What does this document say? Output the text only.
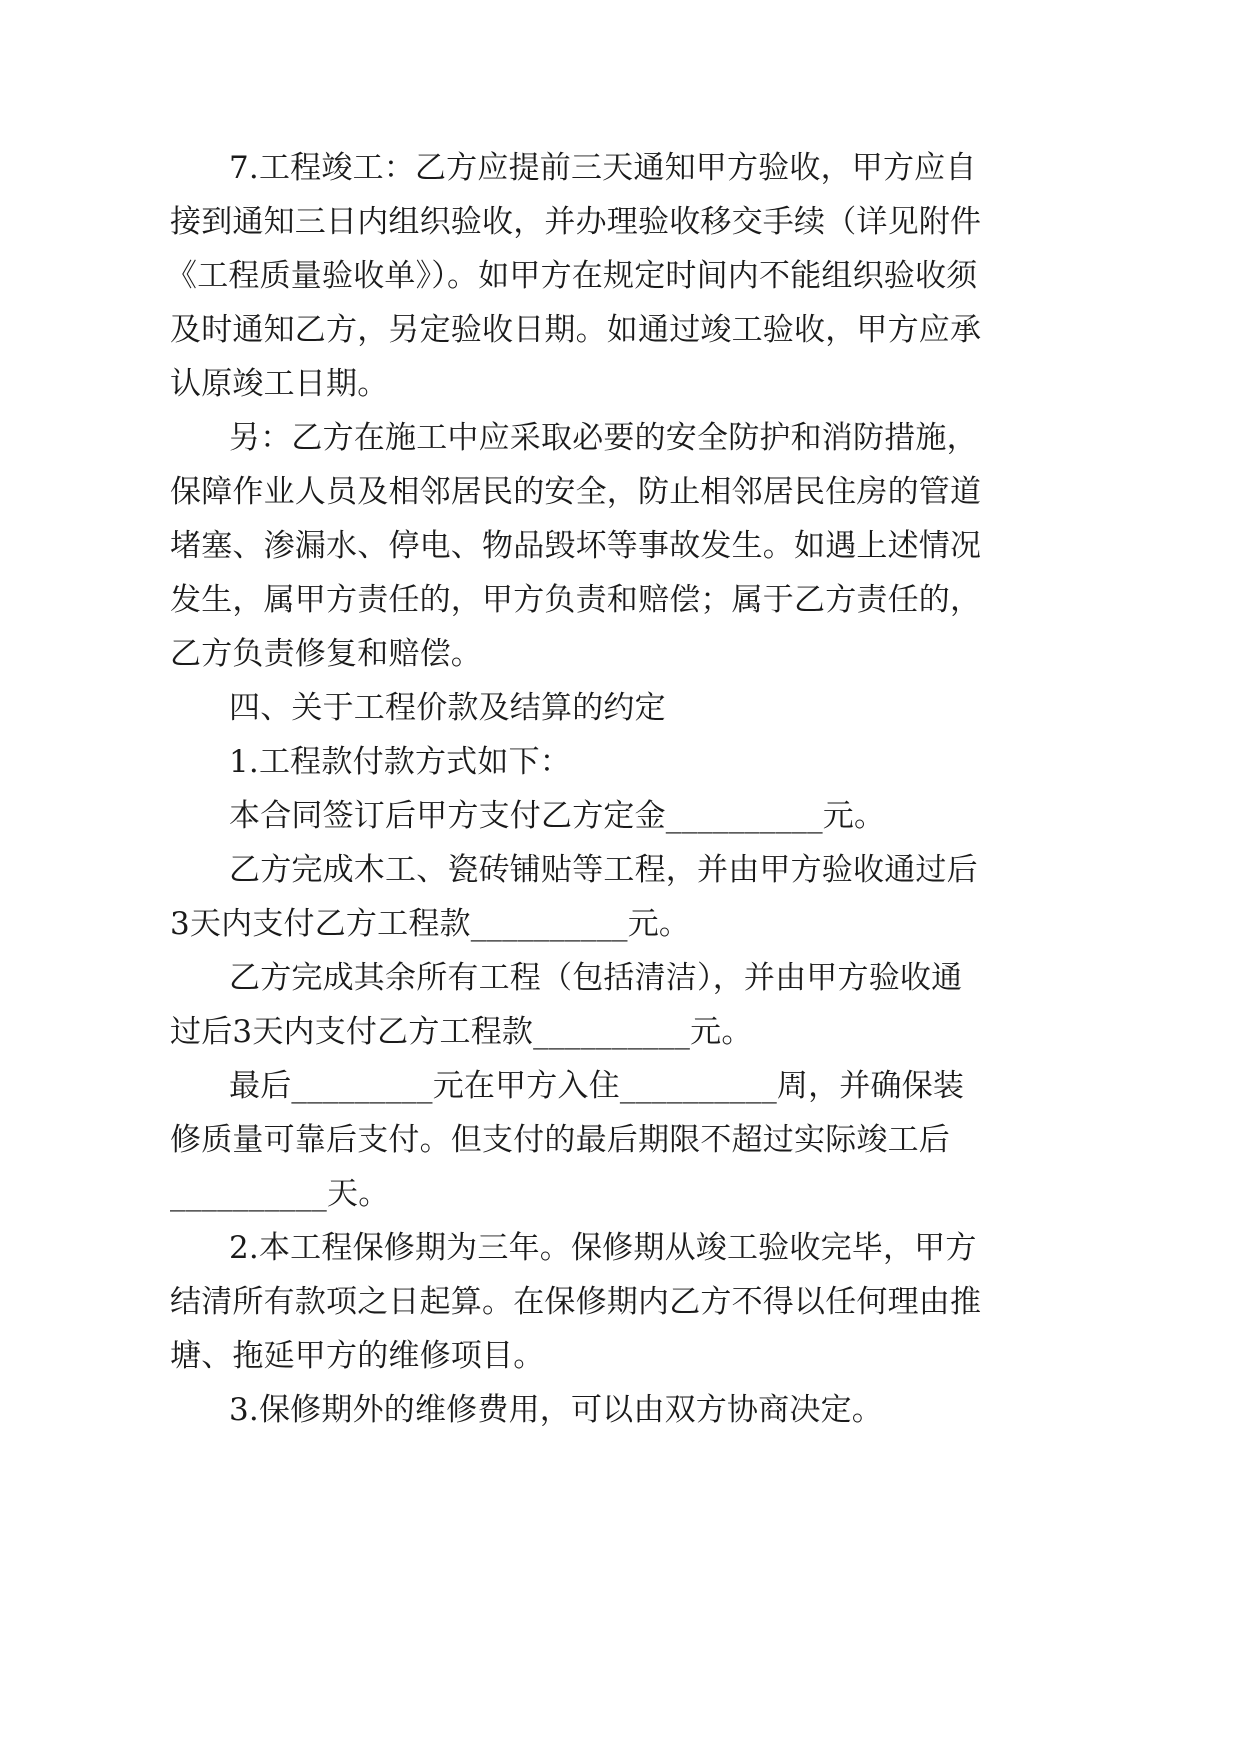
7.工程竣工：乙方应提前三天通知甲方验收，甲方应自
接到通知三日内组织验收，并办理验收移交手续（详见附件
《工程质量验收单》）。如甲方在规定时间内不能组织验收须
及时通知乙方，另定验收日期。如通过竣工验收，甲方应承
认原竣工日期。
另：乙方在施工中应采取必要的安全防护和消防措施，
保障作业人员及相邻居民的安全，防止相邻居民住房的管道
堵塞、渗漏水、停电、物品毁坏等事故发生。如遇上述情况
发生，属甲方责任的，甲方负责和赔偿；属于乙方责任的，
乙方负责修复和赔偿。
四、关于工程价款及结算的约定
1.工程款付款方式如下：
本合同签订后甲方支付乙方定金__________元。
乙方完成木工、瓷砖铺贴等工程，并由甲方验收通过后
3天内支付乙方工程款__________元。
乙方完成其余所有工程（包括清洁），并由甲方验收通
过后3天内支付乙方工程款__________元。
最后_________元在甲方入住__________周，并确保装
修质量可靠后支付。但支付的最后期限不超过实际竣工后
__________天。
2.本工程保修期为三年。保修期从竣工验收完毕，甲方
结清所有款项之日起算。在保修期内乙方不得以任何理由推
塘、拖延甲方的维修项目。
3.保修期外的维修费用，可以由双方协商决定。
